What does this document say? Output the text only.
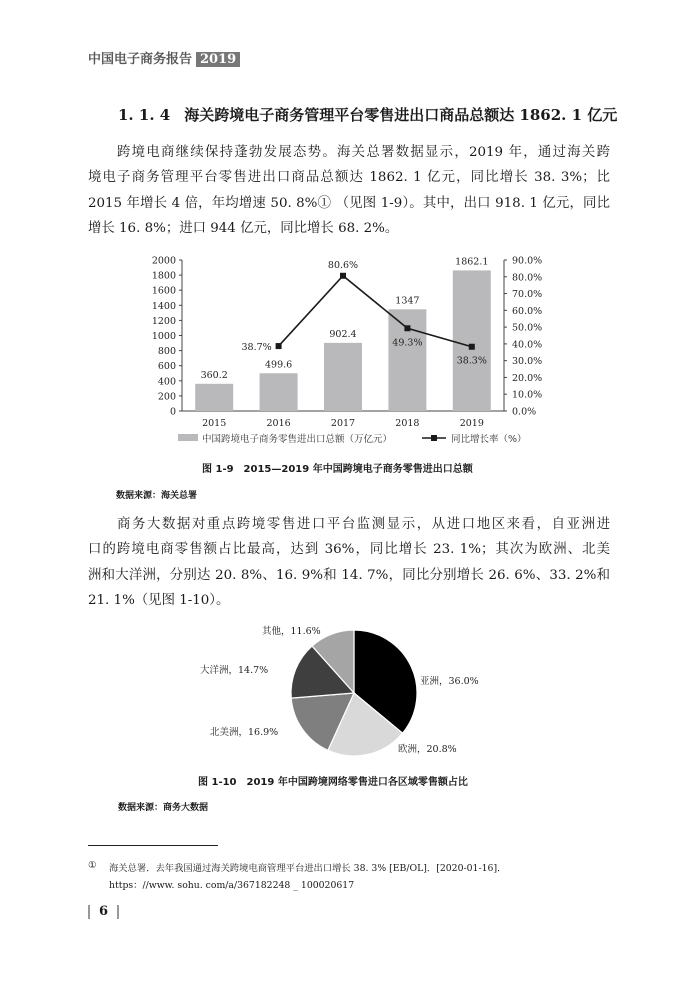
中国电子商务报告 2019
1. 1. 4 海关跨境电子商务管理平台零售进出口商品总额达 1862. 1 亿元
跨境电商继续保持蓬勃发展态势。海关总署数据显示，2019 年，通过海关跨
境电子商务管理平台零售进出口商品总额达 1862. 1 亿元，同比增长 38. 3%；比
2015 年增长 4 倍，年均增速 50. 8%① （见图 1-9）。其中，出口 918. 1 亿元，同比
增长 16. 8%；进口 944 亿元，同比增长 68. 2%。
0
200
400
600
800
1000
1200
1400
1600
1800
2000
0.0%
10.0%
20.0%
30.0%
40.0%
50.0%
60.0%
70.0%
80.0%
90.0%
360.2
2015
499.6
2016
902.4
2017
1347
2018
1862.1
2019
38.7%
80.6%
49.3%
38.3%
中国跨境电子商务零售进出口总额（万亿元）	同比增长率（%）
图 1-9　2015—2019 年中国跨境电子商务零售进出口总额
数据来源：海关总署
商务大数据对重点跨境零售进口平台监测显示，从进口地区来看，自亚洲进
口的跨境电商零售额占比最高，达到 36%，同比增长 23. 1%；其次为欧洲、北美
洲和大洋洲，分别达 20. 8%、16. 9%和 14. 7%，同比分别增长 26. 6%、33. 2%和
21. 1%（见图 1-10）。
亚洲，36.0%
欧洲，20.8%
北美洲，16.9%
大洋洲，14.7%
其他，11.6%
图 1-10　2019 年中国跨境网络零售进口各区域零售额占比
数据来源：商务大数据
① 海关总署．去年我国通过海关跨境电商管理平台进出口增长 38. 3% [EB/OL]．[2020-01-16]．
https：//www. sohu. com/a/367182248 _ 100020617
6
